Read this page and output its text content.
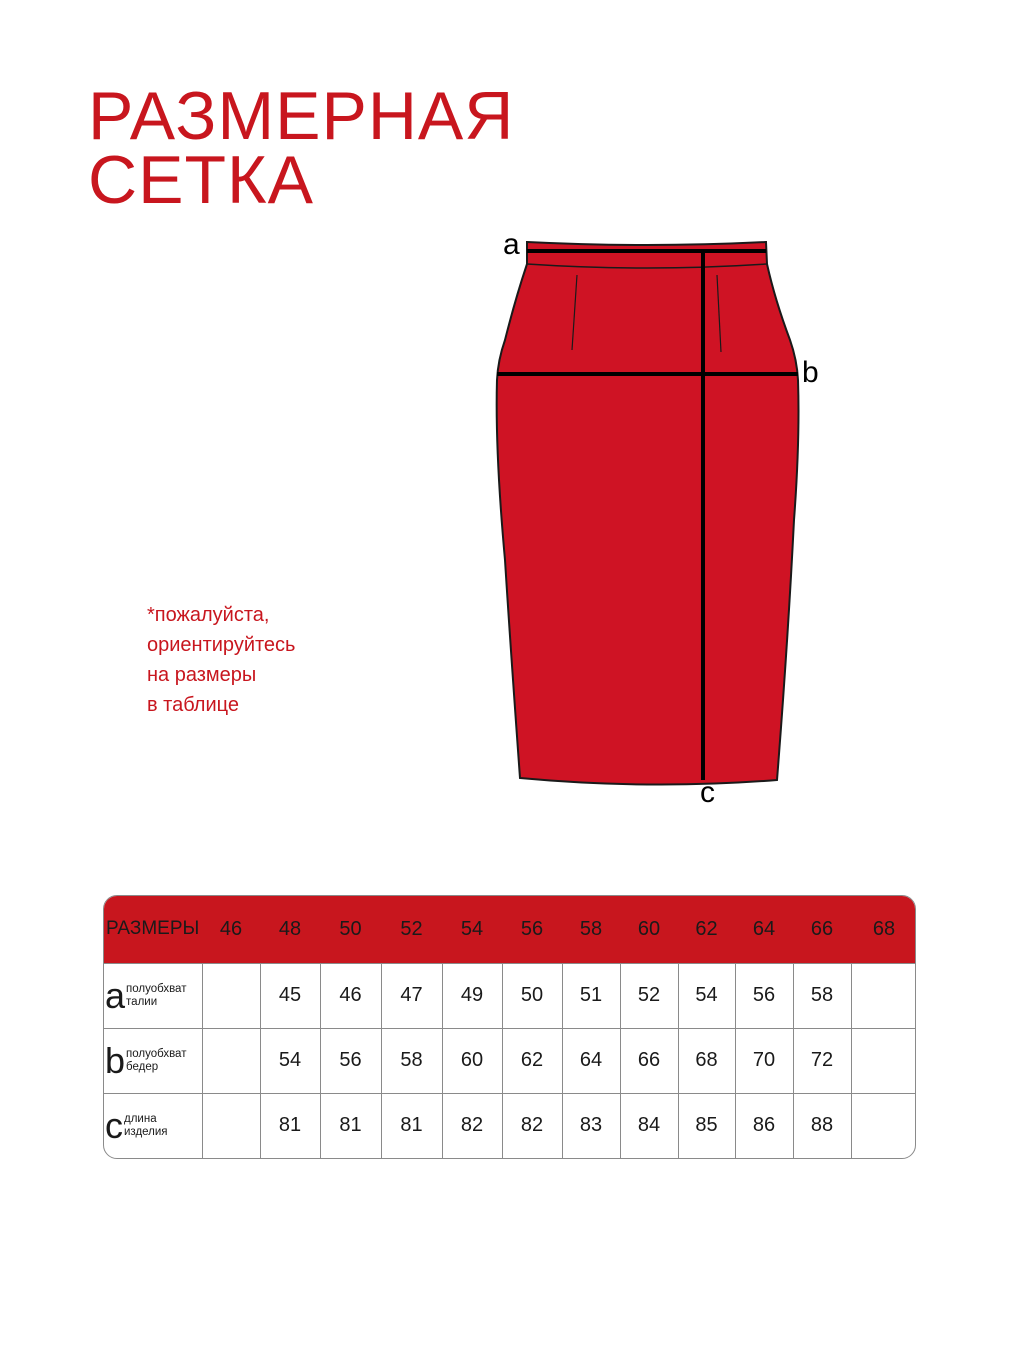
РАЗМЕРНАЯ
СЕТКА
*пожалуйста,
ориентируйтесь
на размеры
в таблице
a
b
c
РАЗМЕРЫ	46	48	50	52	54	56	58	60	62	64	66	68
a полуобхват
талии		45	46	47	49	50	51	52	54	56	58	
b полуобхват
бедер		54	56	58	60	62	64	66	68	70	72	
c длина
изделия		81	81	81	82	82	83	84	85	86	88	
